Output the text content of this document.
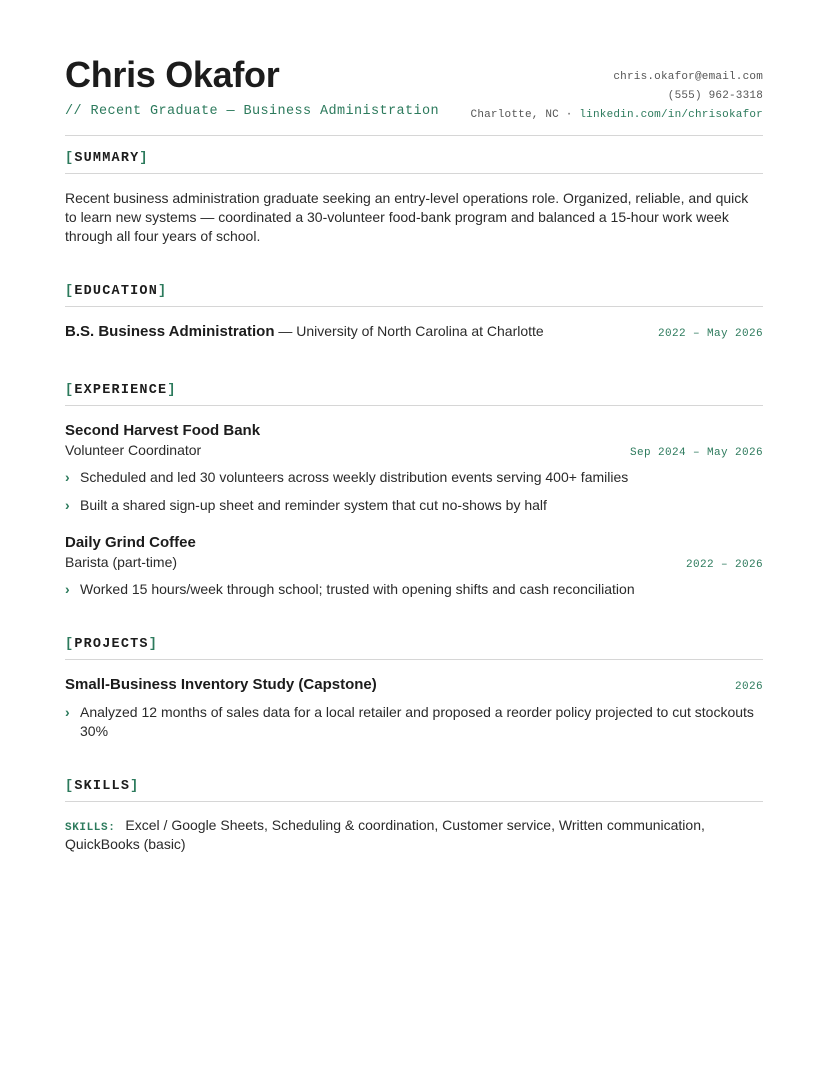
Chris Okafor
// Recent Graduate — Business Administration
chris.okafor@email.com
(555) 962-3318
Charlotte, NC · linkedin.com/in/chrisokafor
[SUMMARY]

Recent business administration graduate seeking an entry-level operations role. Organized, reliable, and quick to learn new systems — coordinated a 30-volunteer food-bank program and balanced a 15-hour work week through all four years of school.

[EDUCATION]
B.S. Business Administration — University of North Carolina at Charlotte	2022 – May 2026
[EXPERIENCE]
Second Harvest Food Bank
Volunteer Coordinator	Sep 2024 – May 2026
› Scheduled and led 30 volunteers across weekly distribution events serving 400+ families
› Built a shared sign-up sheet and reminder system that cut no-shows by half
Daily Grind Coffee
Barista (part-time)	2022 – 2026
› Worked 15 hours/week through school; trusted with opening shifts and cash reconciliation
[PROJECTS]
Small-Business Inventory Study (Capstone)	2026
› Analyzed 12 months of sales data for a local retailer and proposed a reorder policy projected to cut stockouts 30%
[SKILLS]
SKILLS: Excel / Google Sheets, Scheduling & coordination, Customer service, Written communication, QuickBooks (basic)
